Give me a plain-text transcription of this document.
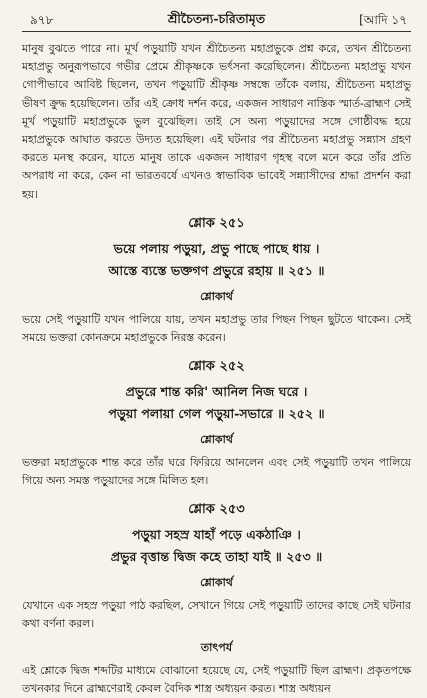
৯৭৮	শ্রীচৈতন্য-চরিতামৃত	[আদি ১৭

মানুষ বুঝতে পারে না। মূর্খ পড়ুয়াটি যখন শ্রীচৈতন্য মহাপ্রভুকে প্রশ্ন করে, তখন শ্রীচৈতন্য মহাপ্রভু অনুরূপভাবে গভীর প্রেমে শ্রীকৃষ্ণকে ভর্ৎসনা করেছিলেন। শ্রীচৈতন্য মহাপ্রভু যখন গোপীভাবে আবিষ্ট ছিলেন, তখন পড়ুয়াটি শ্রীকৃষ্ণ সম্বন্ধে তাঁকে বলায়, শ্রীচৈতন্য মহাপ্রভু ভীষণ ক্রুদ্ধ হয়েছিলেন। তাঁর এই ক্রোধ দর্শন করে, একজন সাধারণ নাস্তিক স্মার্ত-ব্রাহ্মণ সেই মূর্খ পড়ুয়াটি মহাপ্রভুকে ভুল বুঝেছিল। তাই সে অন্য পড়ুয়াদের সঙ্গে গোষ্ঠীবদ্ধ হয়ে মহাপ্রভুকে আঘাত করতে উদ্যত হয়েছিল। এই ঘটনার পর শ্রীচৈতন্য মহাপ্রভু সন্ন্যাস গ্রহণ করতে মনস্থ করেন, যাতে মানুষ তাকে একজন সাধারণ গৃহস্থ বলে মনে করে তাঁর প্রতি অপরাধ না করে, কেন না ভারতবর্ষে এখনও স্বাভাবিক ভাবেই সন্ন্যাসীদের শ্রদ্ধা প্রদর্শন করা হয়।

শ্লোক ২৫১
ভয়ে পলায় পড়ুয়া, প্রভু পাছে পাছে ধায় ।
আস্তে ব্যস্তে ভক্তগণ প্রভুরে রহায় ॥ ২৫১ ॥
শ্লোকার্থ

ভয়ে সেই পড়ুয়াটি যখন পালিয়ে যায়, তখন মহাপ্রভু তার পিছন পিছন ছুটতে থাকেন। সেই সময়ে ভক্তরা কোনক্রমে মহাপ্রভুকে নিরস্ত করেন।

শ্লোক ২৫২
প্রভুরে শান্ত করি' আনিল নিজ ঘরে ।
পড়ুয়া পলায়া গেল পড়ুয়া-সভারে ॥ ২৫২ ॥
শ্লোকার্থ

ভক্তরা মহাপ্রভুকে শান্ত করে তাঁর ঘরে ফিরিয়ে আনলেন এবং সেই পড়ুয়াটি তখন পালিয়ে গিয়ে অন্য সমস্ত পড়ুয়াদের সঙ্গে মিলিত হল।

শ্লোক ২৫৩
পড়ুয়া সহস্র যাহাঁ পড়ে একঠাঞি ।
প্রভুর বৃত্তান্ত দ্বিজ কহে তাহা যাই ॥ ২৫৩ ॥
শ্লোকার্থ

যেখানে এক সহস্র পড়ুয়া পাঠ করছিল, সেখানে গিয়ে সেই পড়ুয়াটি তাদের কাছে সেই ঘটনার কথা বর্ণনা করল।

তাৎপর্য

এই শ্লোকে দ্বিজ শব্দটির মাধ্যমে বোঝানো হয়েছে যে, সেই পড়ুয়াটি ছিল ব্রাহ্মণ। প্রকৃতপক্ষে তখনকার দিনে ব্রাহ্মণেরাই কেবল বৈদিক শাস্ত্র অধ্যয়ন করত। শাস্ত্র অধ্যয়ন
